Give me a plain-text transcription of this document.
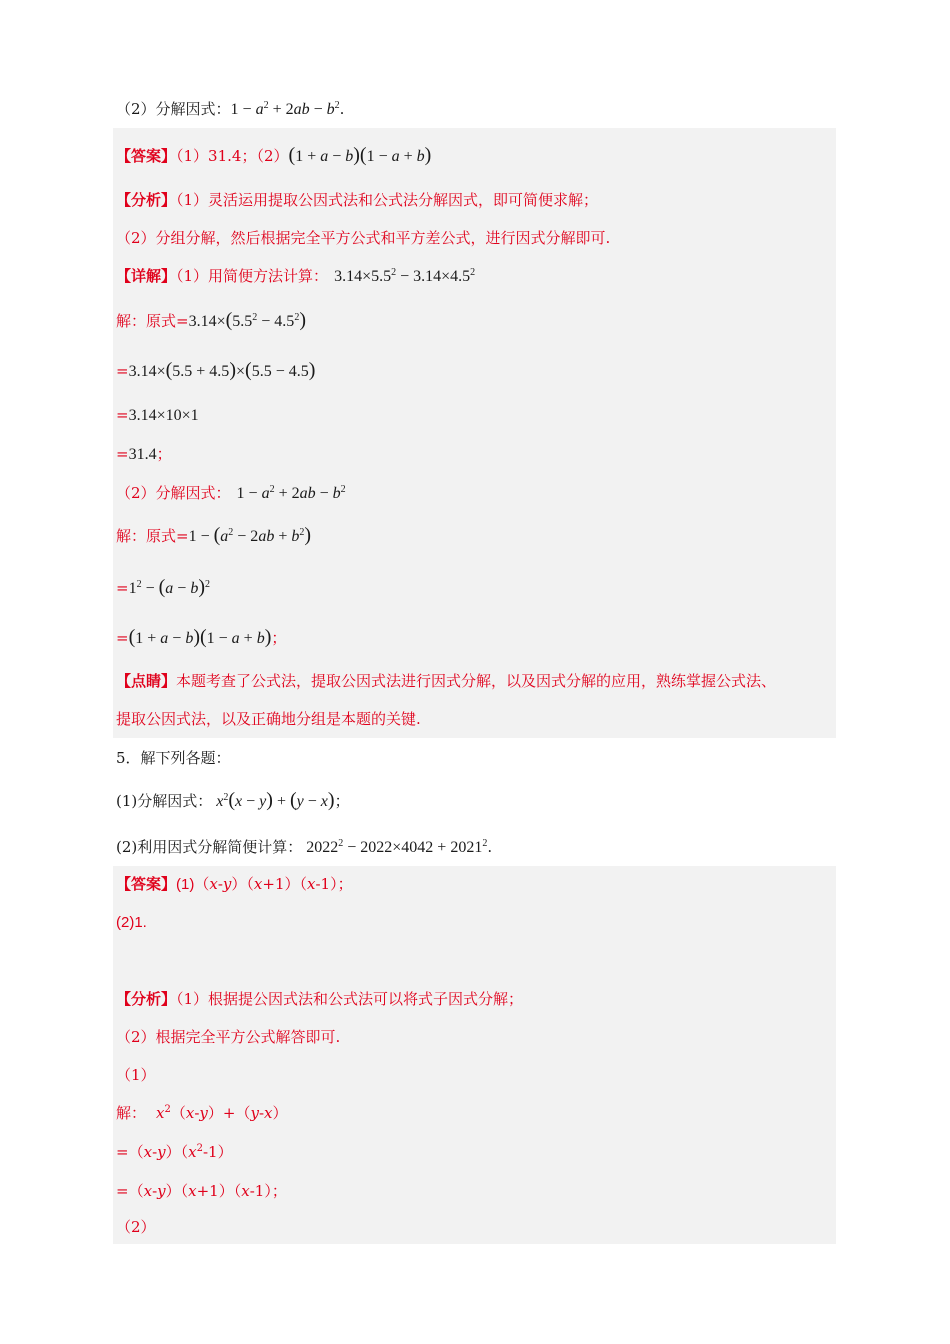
（2）分解因式：$1 - a^2 + 2ab - b^2$.
【答案】（1）31.4；（2）(1 + a − b)(1 − a + b)
【分析】（1）灵活运用提取公因式法和公式法分解因式，即可简便求解；
（2）分组分解，然后根据完全平方公式和平方差公式，进行因式分解即可.
【详解】（1）用简便方法计算： $3.14\times 5.5^2 - 3.14\times 4.5^2$
解：原式$=3.14\times(5.5^2 - 4.5^2)$
=3.14×(5.5 + 4.5)×(5.5 − 4.5)
=3.14×10×1
=31.4；
（2）分解因式： $1 - a^2 + 2ab - b^2$
解：原式$=1 - (a^2 - 2ab + b^2)$
$=1^2 - (a - b)^2$
=(1 + a − b)(1 − a + b)；
【点睛】本题考查了公式法，提取公因式法进行因式分解，以及因式分解的应用，熟练掌握公式法、
提取公因式法，以及正确地分组是本题的关键.
5．解下列各题：
(1)分解因式： $x^2(x - y) + (y - x)$；
(2)利用因式分解简便计算： $2022^2 - 2022\times 4042 + 2021^2$.
【答案】(1)（x-y）（x+1）（x-1）；
(2)1.
【分析】（1）根据提公因式法和公式法可以将式子因式分解；
（2）根据完全平方公式解答即可.
（1）
解： $x^2(x-y)+(y-x)$
$=(x-y)(x^2-1)$
=（x-y）（x+1）（x-1）；
（2）
